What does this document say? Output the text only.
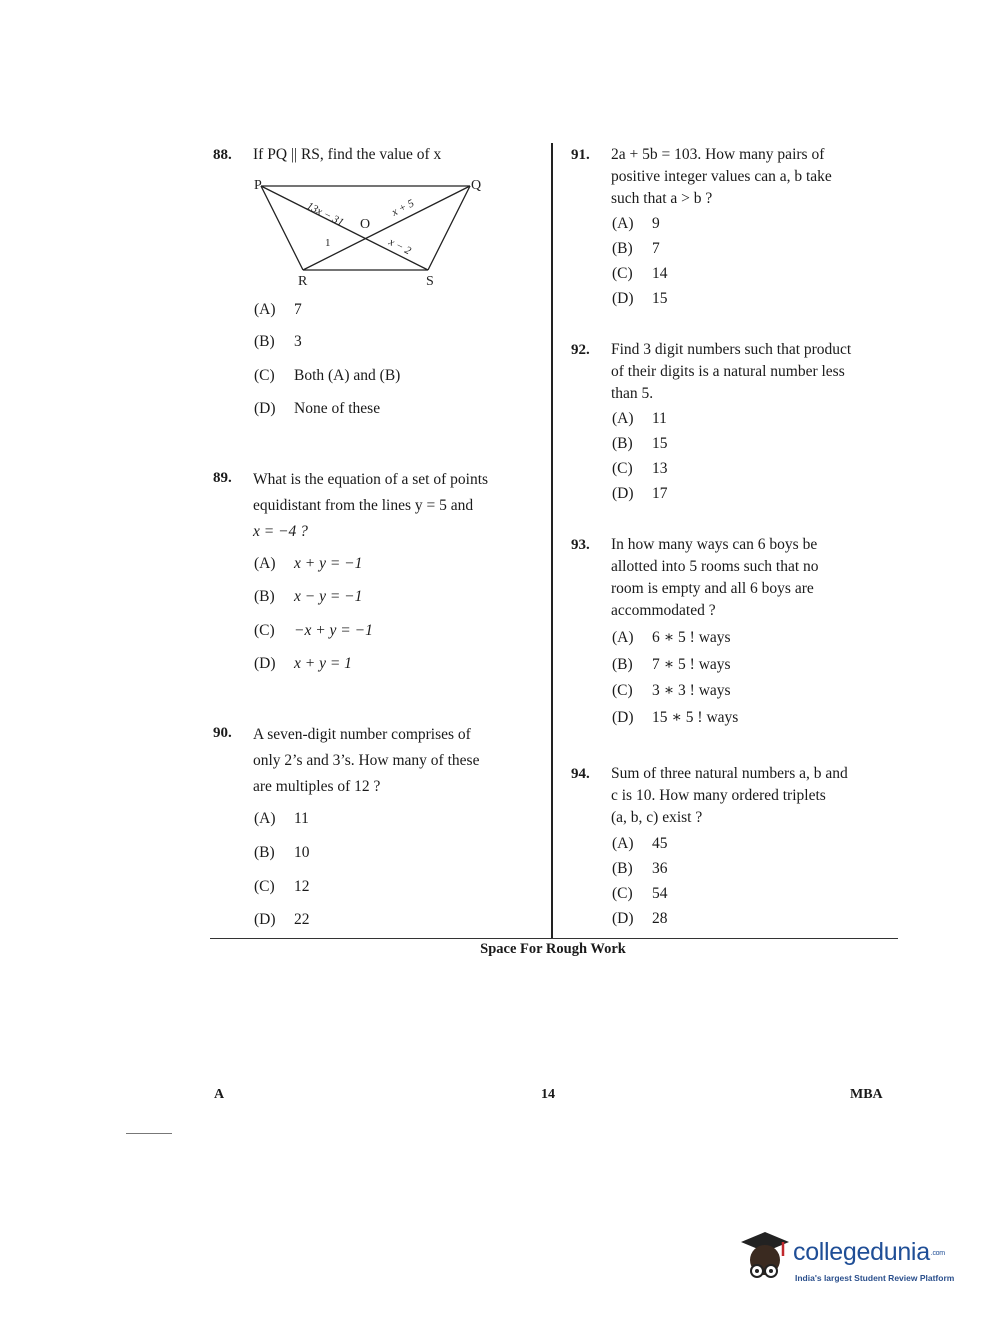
88. If PQ || RS, find the value of x
P	Q
R	S
O
13x − 31	x + 5
1	x − 2
(A) 7
(B) 3
(C) Both (A) and (B)
(D) None of these
89. What is the equation of a set of points
equidistant from the lines y = 5 and
x = −4 ?
(A) x + y = −1
(B) x − y = −1
(C) −x + y = −1
(D) x + y = 1
90. A seven-digit number comprises of
only 2’s and 3’s. How many of these
are multiples of 12 ?
(A) 11
(B) 10
(C) 12
(D) 22
91. 2a + 5b = 103. How many pairs of
positive integer values can a, b take
such that a > b ?
(A) 9
(B) 7
(C) 14
(D) 15
92. Find 3 digit numbers such that product
of their digits is a natural number less
than 5.
(A) 11
(B) 15
(C) 13
(D) 17
93. In how many ways can 6 boys be
allotted into 5 rooms such that no
room is empty and all 6 boys are
accommodated ?
(A) 6 ∗ 5 ! ways
(B) 7 ∗ 5 ! ways
(C) 3 ∗ 3 ! ways
(D) 15 ∗ 5 ! ways
94. Sum of three natural numbers a, b and
c is 10. How many ordered triplets
(a, b, c) exist ?
(A) 45
(B) 36
(C) 54
(D) 28
Space For Rough Work
A	14	MBA
collegedunia.com
India's largest Student Review Platform
